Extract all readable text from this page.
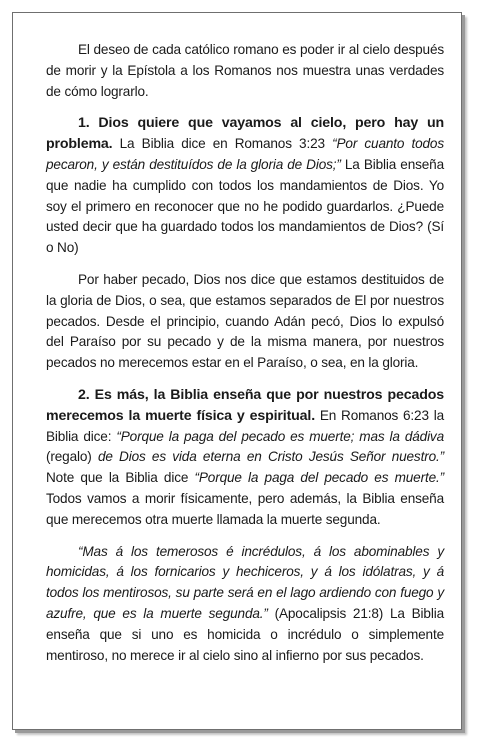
El deseo de cada católico romano es poder ir al cielo después de morir y la Epístola a los Romanos nos muestra unas verdades de cómo lograrlo.

1. Dios quiere que vayamos al cielo, pero hay un problema. La Biblia dice en Romanos 3:23 “Por cuanto todos pecaron, y están destituídos de la gloria de Dios;” La Biblia enseña que nadie ha cumplido con todos los mandamientos de Dios. Yo soy el primero en reconocer que no he podido guardarlos. ¿Puede usted decir que ha guardado todos los mandamientos de Dios? (Sí o No)

Por haber pecado, Dios nos dice que estamos destituidos de la gloria de Dios, o sea, que estamos separados de El por nuestros pecados. Desde el principio, cuando Adán pecó, Dios lo expulsó del Paraíso por su pecado y de la misma manera, por nuestros pecados no merecemos estar en el Paraíso, o sea, en la gloria.

2. Es más, la Biblia enseña que por nuestros pecados merecemos la muerte física y espiritual. En Romanos 6:23 la Biblia dice: “Porque la paga del pecado es muerte; mas la dádiva (regalo) de Dios es vida eterna en Cristo Jesús Señor nuestro.” Note que la Biblia dice “Porque la paga del pecado es muerte.” Todos vamos a morir físicamente, pero además, la Biblia enseña que merecemos otra muerte llamada la muerte segunda.

“Mas á los temerosos é incrédulos, á los abominables y homicidas, á los fornicarios y hechiceros, y á los idólatras, y á todos los mentirosos, su parte será en el lago ardiendo con fuego y azufre, que es la muerte segunda.” (Apocalipsis 21:8) La Biblia enseña que si uno es homicida o incrédulo o simplemente mentiroso, no merece ir al cielo sino al infierno por sus pecados.
